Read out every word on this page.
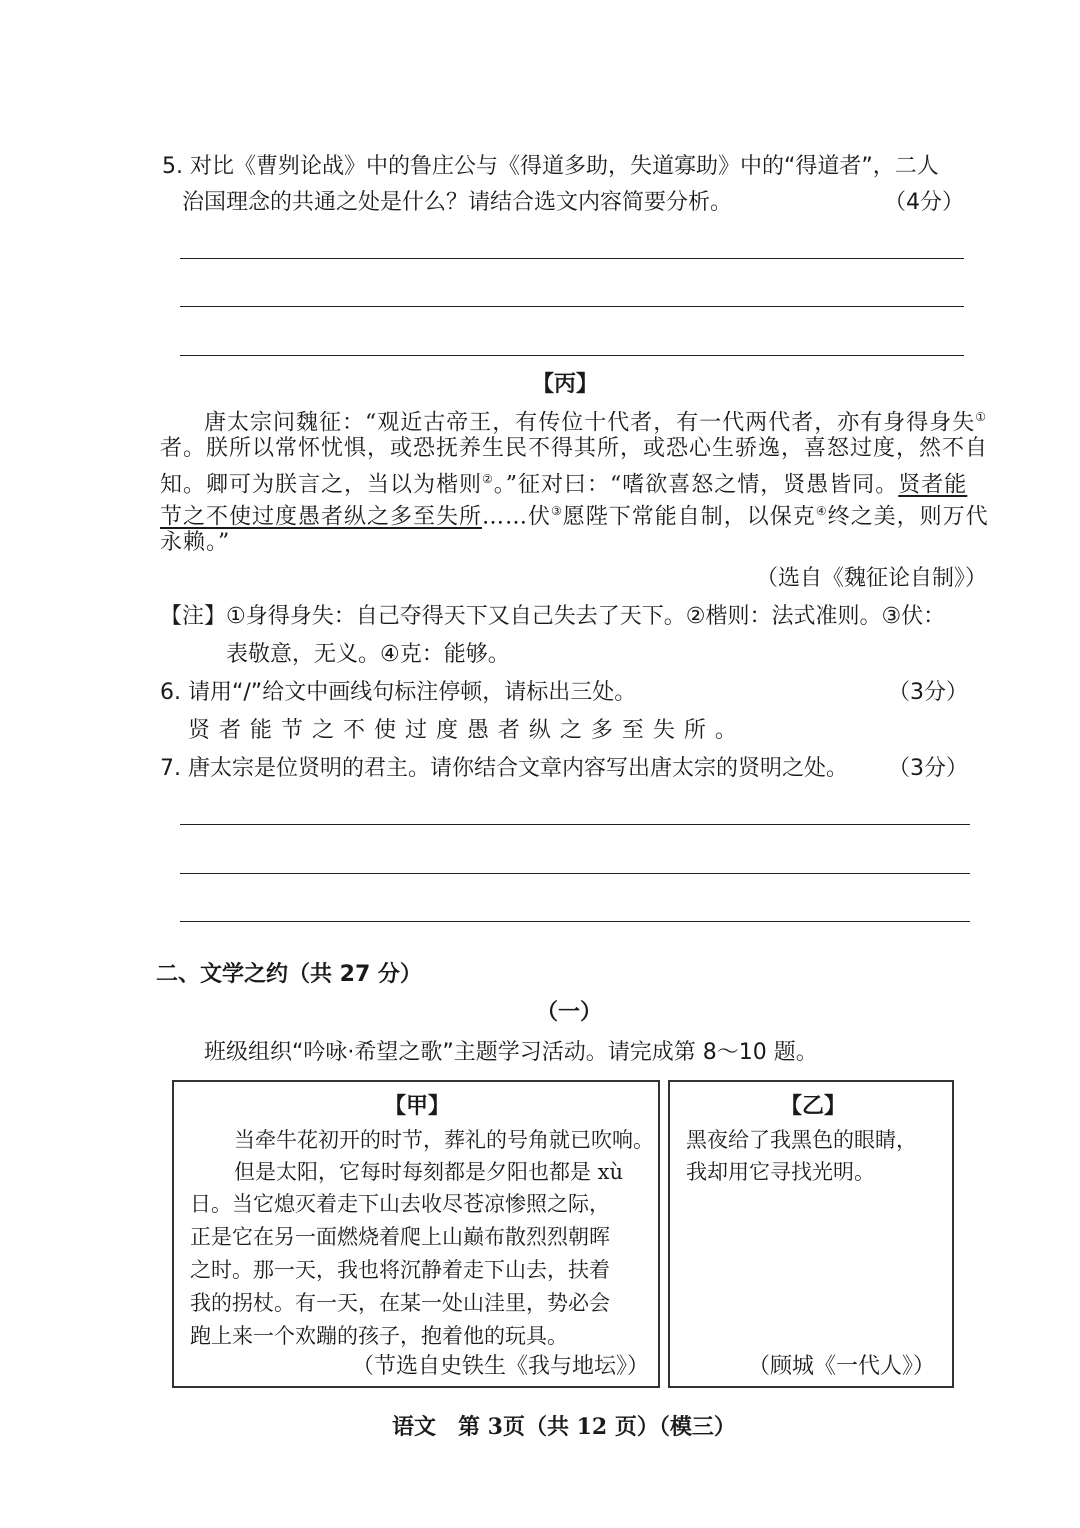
5. 对比《曹刿论战》中的鲁庄公与《得道多助，失道寡助》中的“得道者”，二人
治国理念的共通之处是什么？请结合选文内容简要分析。	（4分）
【丙】
唐太宗问魏征：“观近古帝王，有传位十代者，有一代两代者，亦有身得身失①
者。朕所以常怀忧惧，或恐抚养生民不得其所，或恐心生骄逸，喜怒过度，然不自
知。卿可为朕言之，当以为楷则②。”征对曰：“嗜欲喜怒之情，贤愚皆同。贤者能
节之不使过度愚者纵之多至失所……伏③愿陛下常能自制，以保克④终之美，则万代
永赖。”
（选自《魏征论自制》）
【注】①身得身失：自己夺得天下又自己失去了天下。②楷则：法式准则。③伏：
表敬意，无义。④克：能够。
6. 请用“/”给文中画线句标注停顿，请标出三处。	（3分）
贤 者 能 节 之 不 使 过 度 愚 者 纵 之 多 至 失 所 。
7. 唐太宗是位贤明的君主。请你结合文章内容写出唐太宗的贤明之处。 （3分）
二、文学之约（共 27 分）
（一）
班级组织“吟咏·希望之歌”主题学习活动。请完成第 8～10 题。
【甲】
当牵牛花初开的时节，葬礼的号角就已吹响。
但是太阳，它每时每刻都是夕阳也都是 xù
日。当它熄灭着走下山去收尽苍凉惨照之际，
正是它在另一面燃烧着爬上山巅布散烈烈朝晖
之时。那一天，我也将沉静着走下山去，扶着
我的拐杖。有一天，在某一处山洼里，势必会
跑上来一个欢蹦的孩子，抱着他的玩具。
（节选自史铁生《我与地坛》）
【乙】
黑夜给了我黑色的眼睛，
我却用它寻找光明。
（顾城《一代人》）
语文　第 3页（共 12 页）（模三）
